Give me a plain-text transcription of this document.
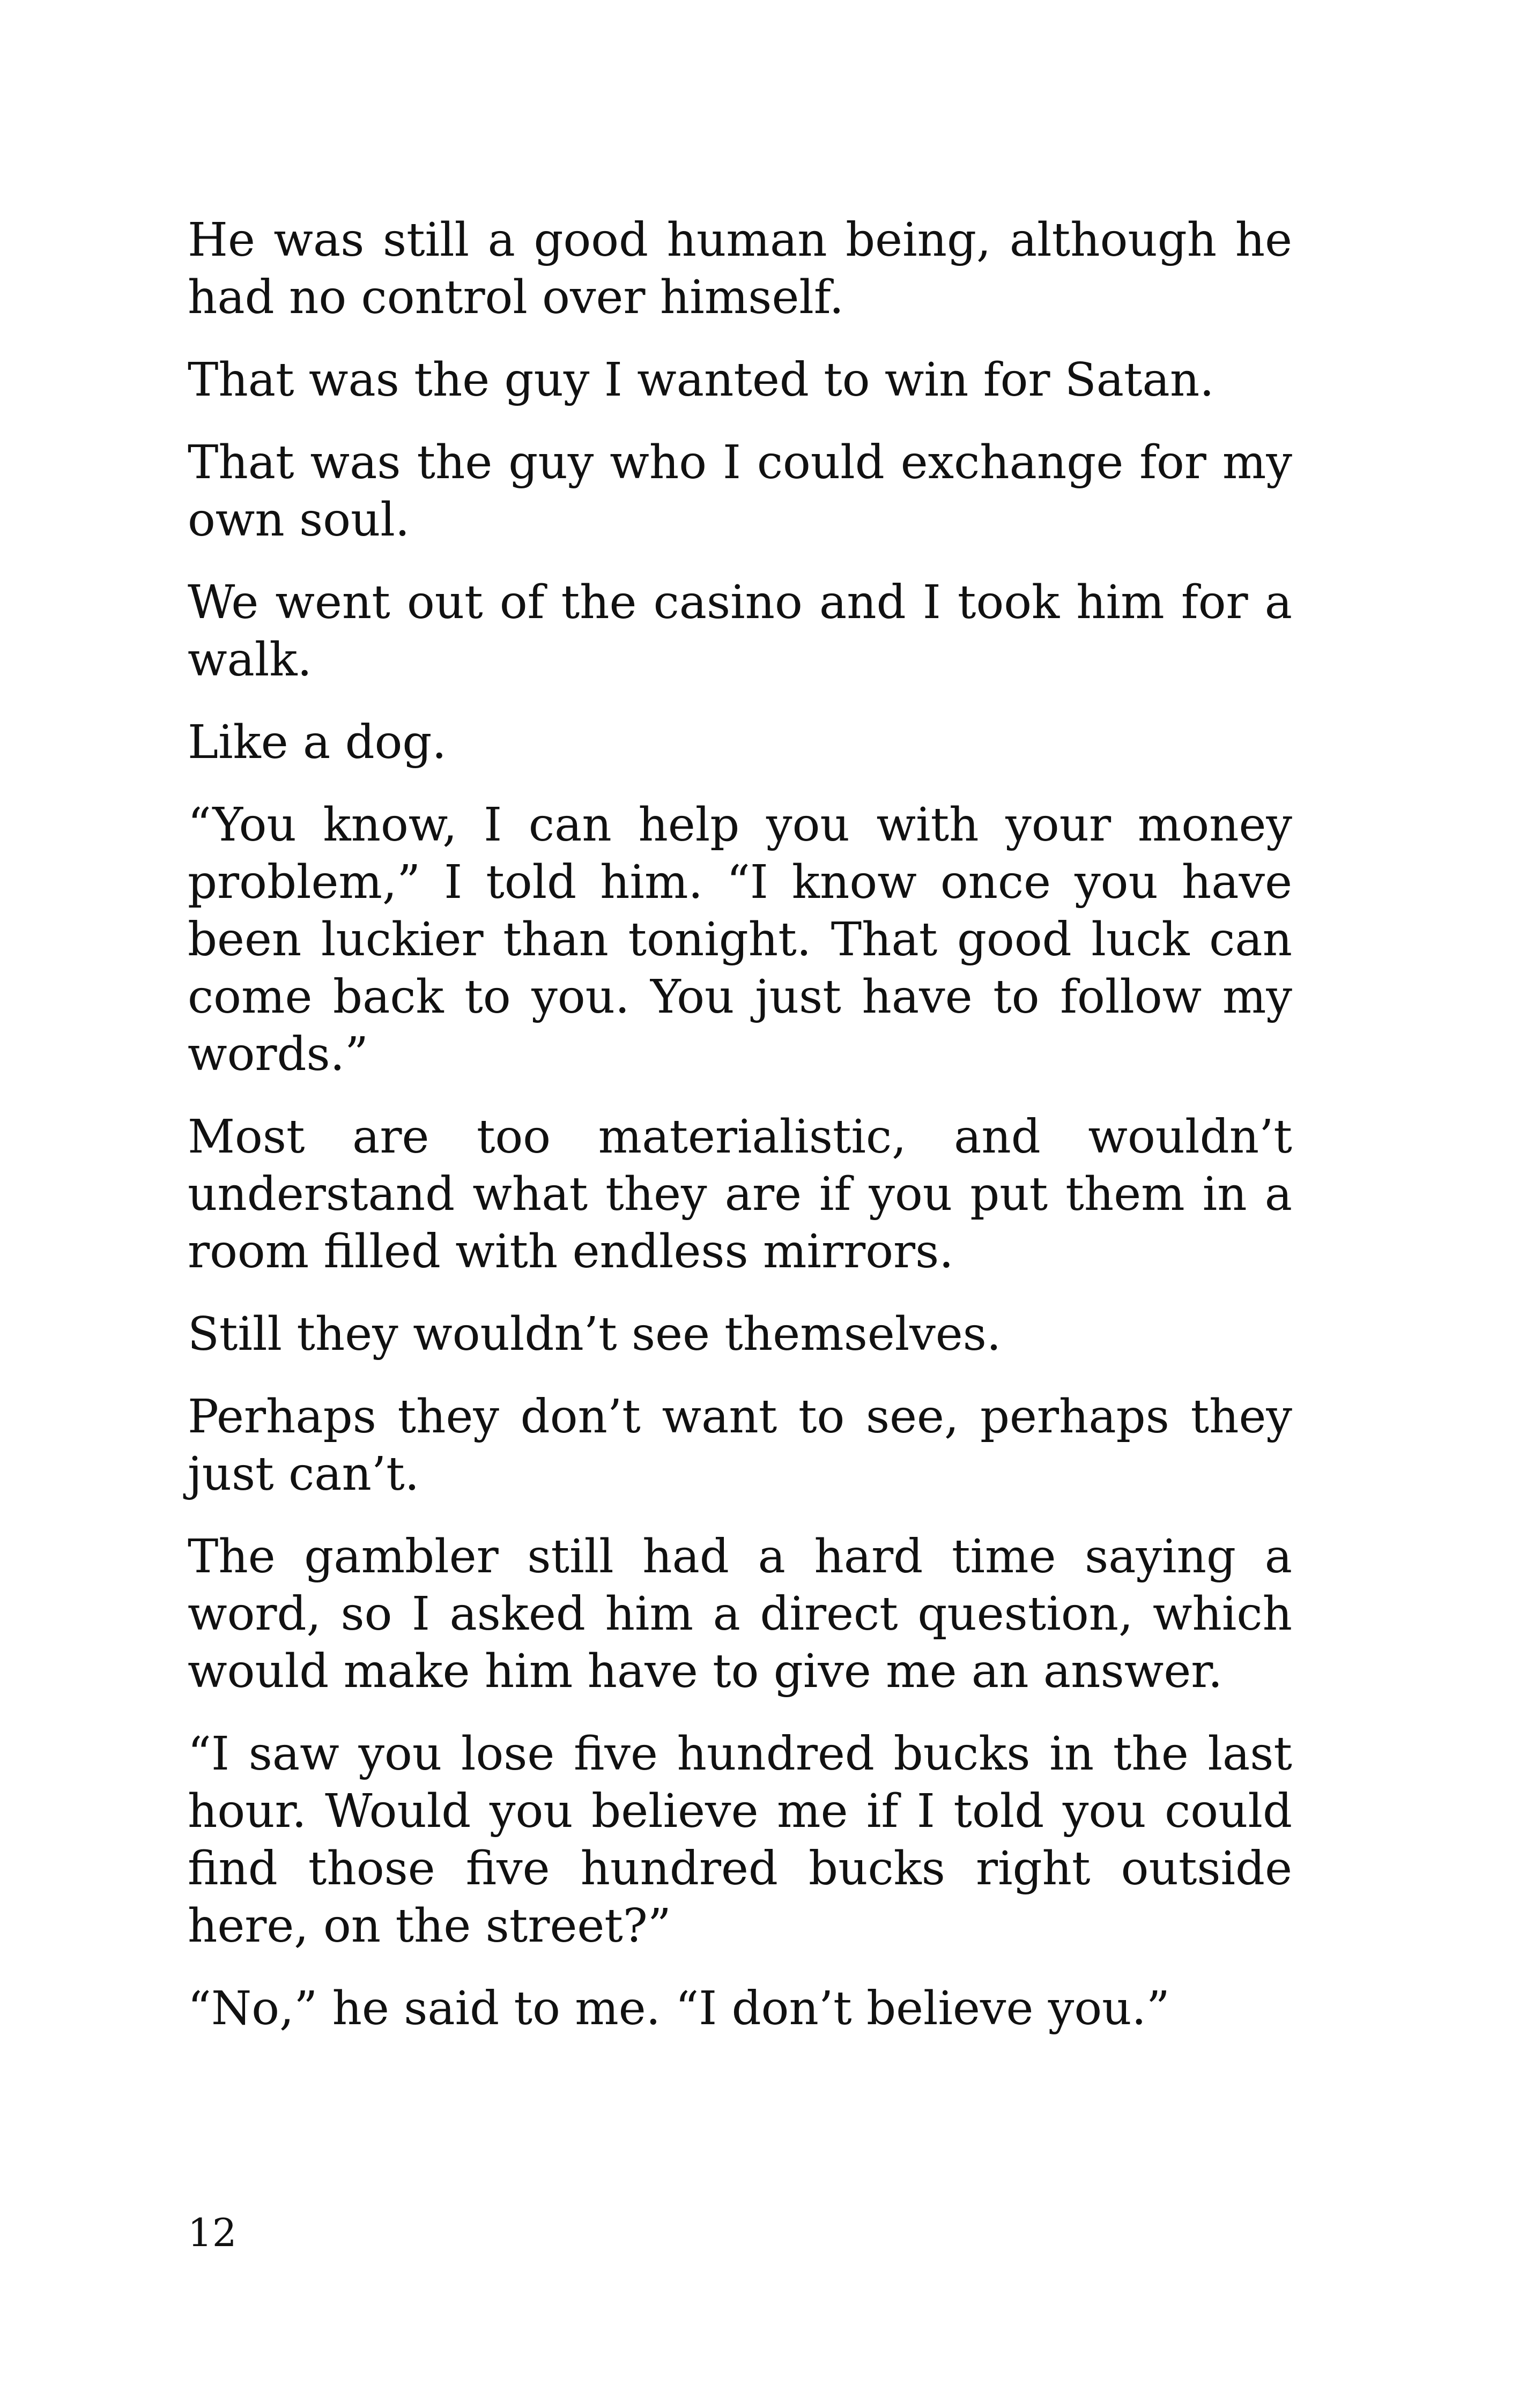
He was still a good human being, although he had no control over himself.

That was the guy I wanted to win for Satan.

That was the guy who I could exchange for my own soul.

We went out of the casino and I took him for a walk.

Like a dog.

“You know, I can help you with your money problem,” I told him. “I know once you have been luckier than tonight. That good luck can come back to you. You just have to follow my words.”

Most are too materialistic, and wouldn’t understand what they are if you put them in a room filled with endless mirrors.

Still they wouldn’t see themselves.

Perhaps they don’t want to see, perhaps they just can’t.

The gambler still had a hard time saying a word, so I asked him a direct question, which would make him have to give me an answer.

“I saw you lose five hundred bucks in the last hour. Would you believe me if I told you could find those five hundred bucks right outside here, on the street?”

“No,” he said to me. “I don’t believe you.”

12
